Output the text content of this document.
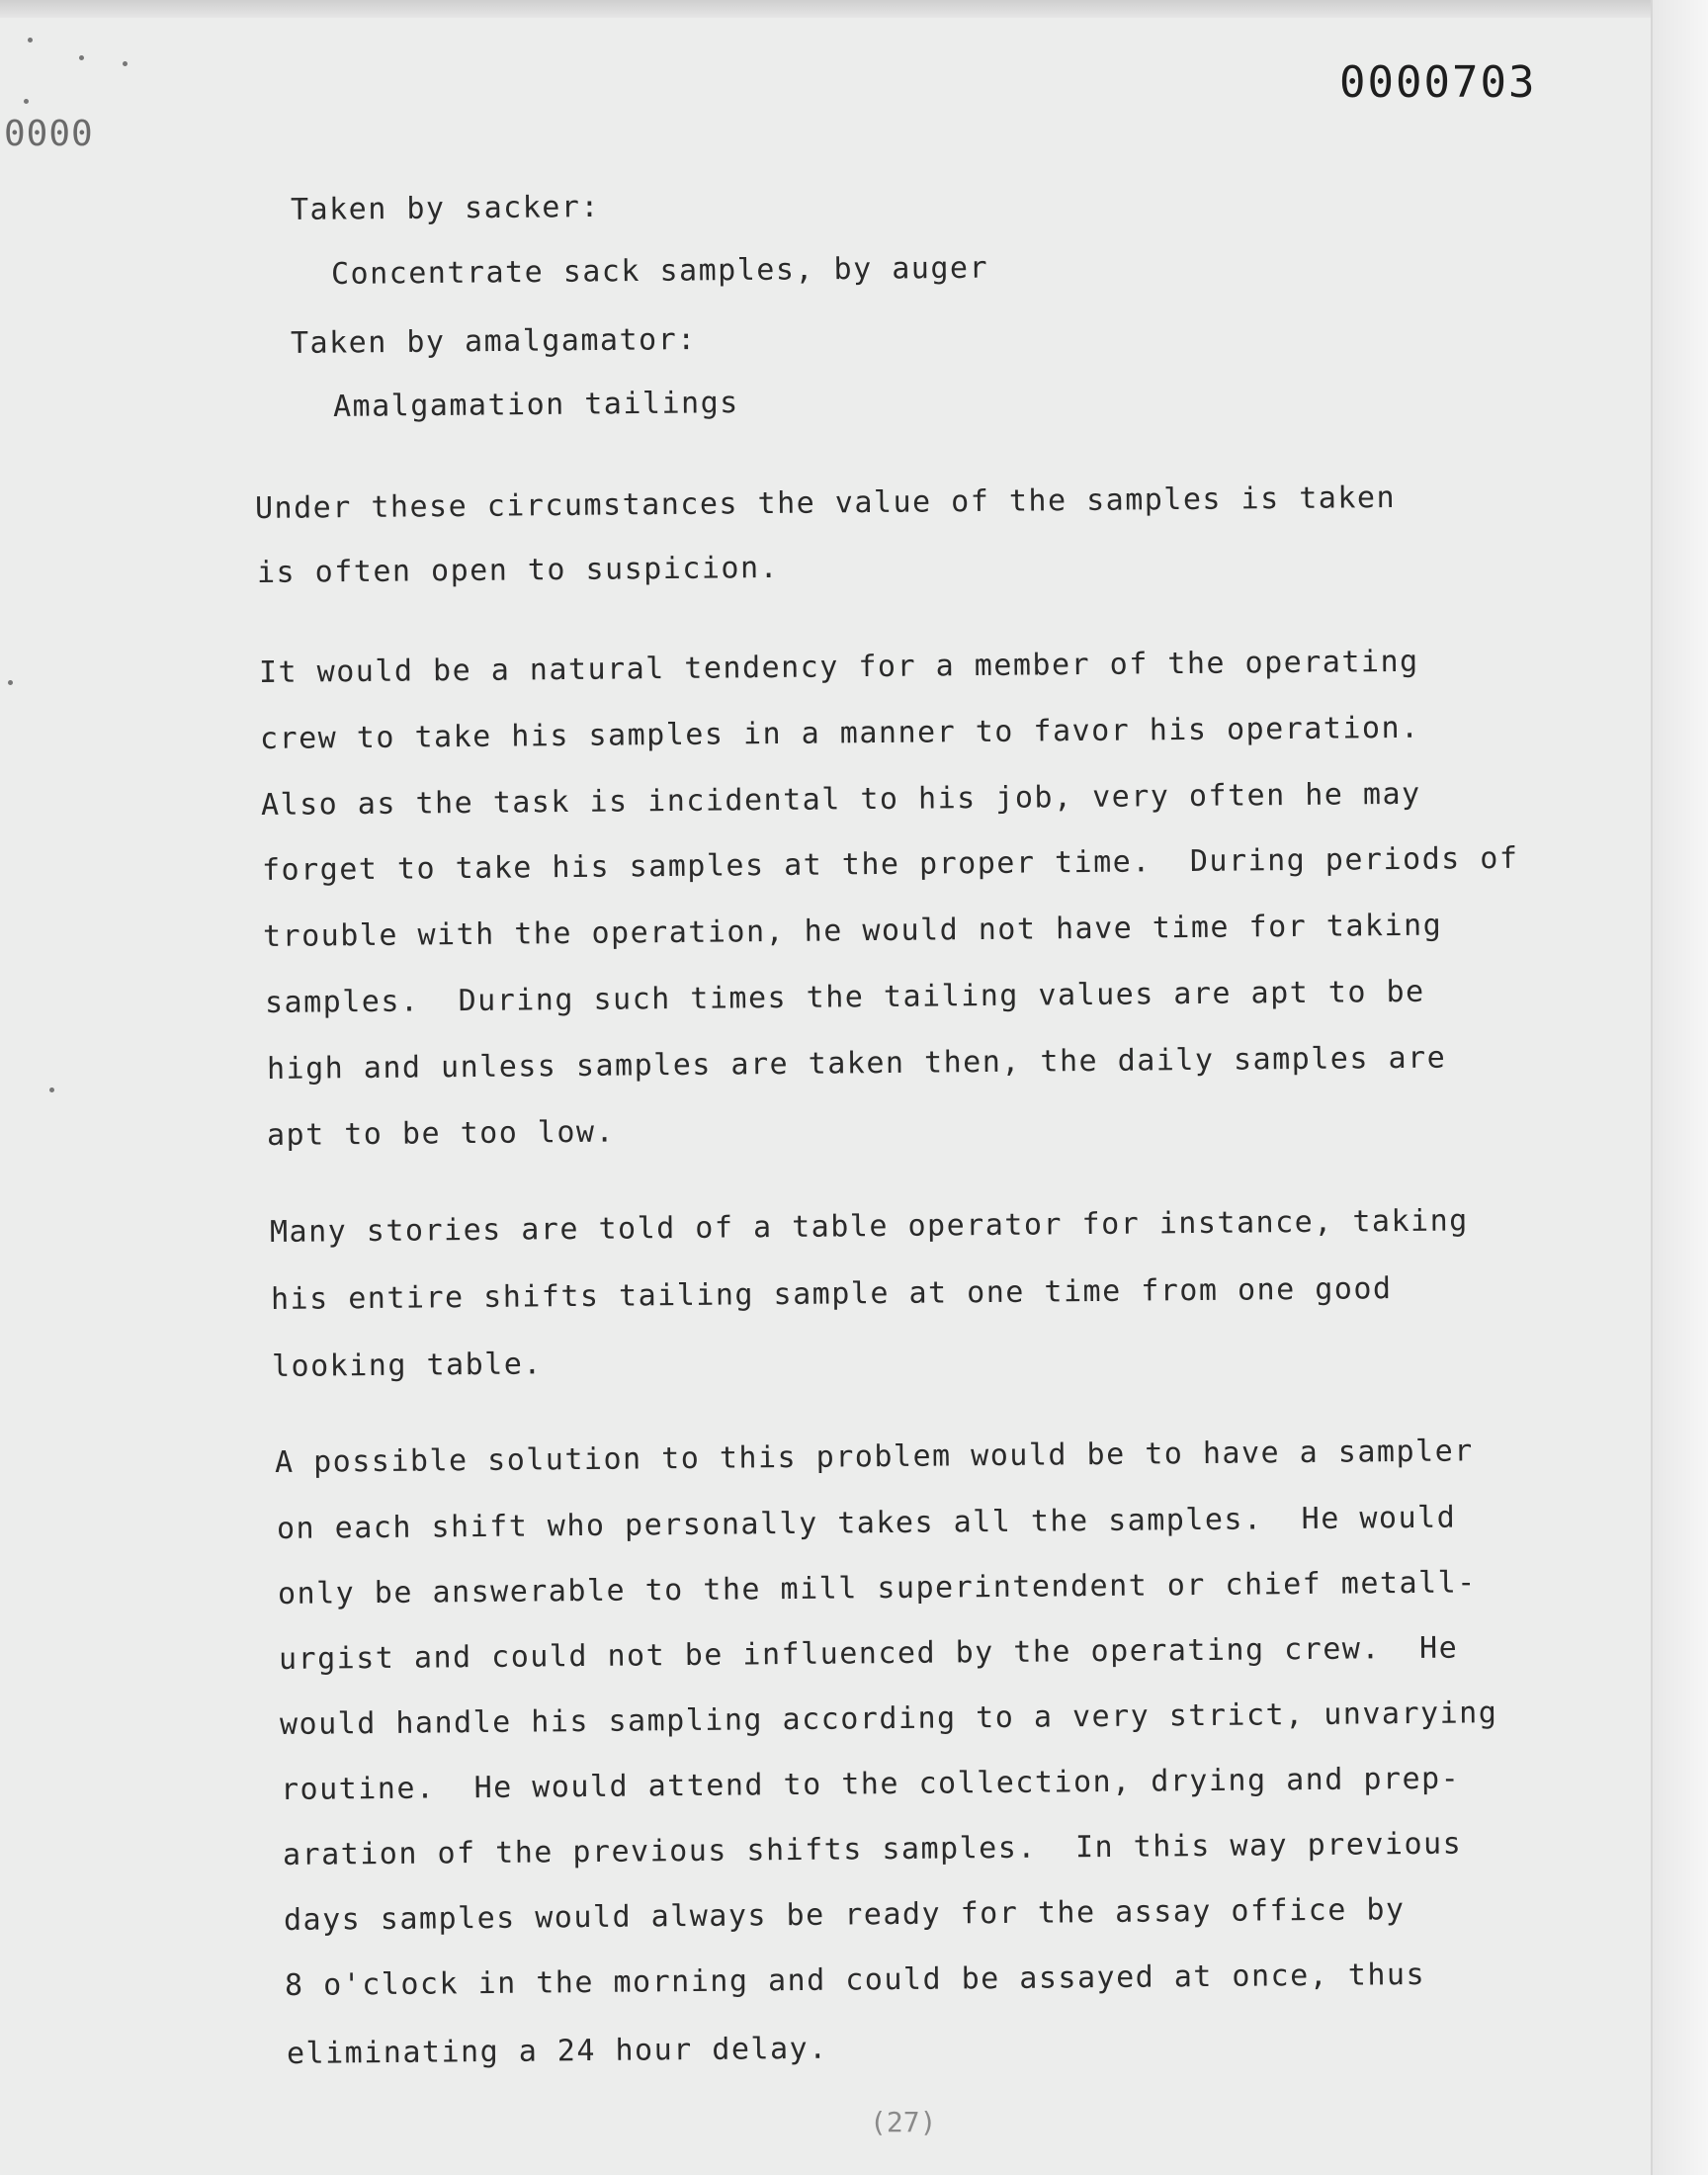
0000703
0000
Taken by sacker:
Concentrate sack samples, by auger
Taken by amalgamator:
Amalgamation tailings
Under these circumstances the value of the samples is taken
is often open to suspicion.
It would be a natural tendency for a member of the operating
crew to take his samples in a manner to favor his operation.
Also as the task is incidental to his job, very often he may
forget to take his samples at the proper time.  During periods of
trouble with the operation, he would not have time for taking
samples.  During such times the tailing values are apt to be
high and unless samples are taken then, the daily samples are
apt to be too low.
Many stories are told of a table operator for instance, taking
his entire shifts tailing sample at one time from one good
looking table.
A possible solution to this problem would be to have a sampler
on each shift who personally takes all the samples.  He would
only be answerable to the mill superintendent or chief metall-
urgist and could not be influenced by the operating crew.  He
would handle his sampling according to a very strict, unvarying
routine.  He would attend to the collection, drying and prep-
aration of the previous shifts samples.  In this way previous
days samples would always be ready for the assay office by
8 o'clock in the morning and could be assayed at once, thus
eliminating a 24 hour delay.
(27)
